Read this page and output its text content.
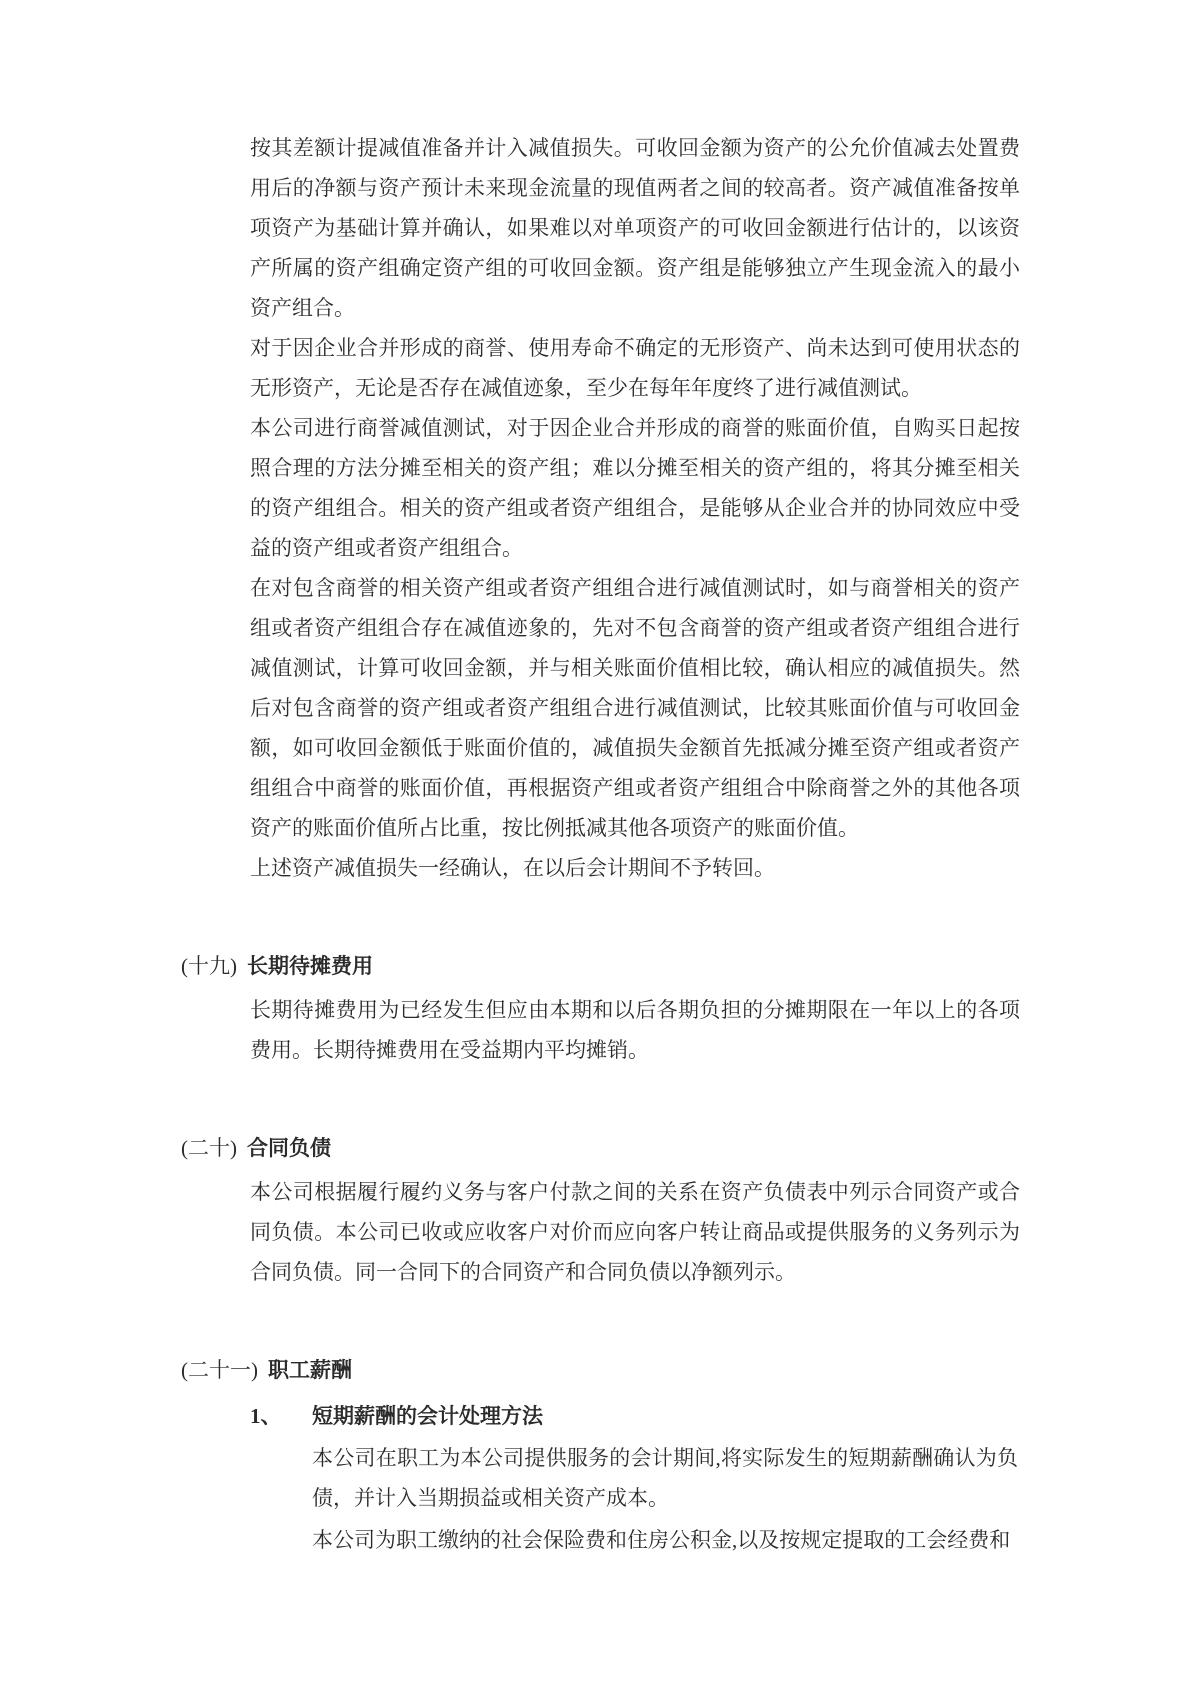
按其差额计提减值准备并计入减值损失。可收回金额为资产的公允价值减去处置费用后的净额与资产预计未来现金流量的现值两者之间的较高者。资产减值准备按单项资产为基础计算并确认，如果难以对单项资产的可收回金额进行估计的，以该资产所属的资产组确定资产组的可收回金额。资产组是能够独立产生现金流入的最小资产组合。

对于因企业合并形成的商誉、使用寿命不确定的无形资产、尚未达到可使用状态的无形资产，无论是否存在减值迹象，至少在每年年度终了进行减值测试。

本公司进行商誉减值测试，对于因企业合并形成的商誉的账面价值，自购买日起按照合理的方法分摊至相关的资产组；难以分摊至相关的资产组的，将其分摊至相关的资产组组合。相关的资产组或者资产组组合，是能够从企业合并的协同效应中受益的资产组或者资产组组合。

在对包含商誉的相关资产组或者资产组组合进行减值测试时，如与商誉相关的资产组或者资产组组合存在减值迹象的，先对不包含商誉的资产组或者资产组组合进行减值测试，计算可收回金额，并与相关账面价值相比较，确认相应的减值损失。然后对包含商誉的资产组或者资产组组合进行减值测试，比较其账面价值与可收回金额，如可收回金额低于账面价值的，减值损失金额首先抵减分摊至资产组或者资产组组合中商誉的账面价值，再根据资产组或者资产组组合中除商誉之外的其他各项资产的账面价值所占比重，按比例抵减其他各项资产的账面价值。

上述资产减值损失一经确认，在以后会计期间不予转回。

(十九) 长期待摊费用

长期待摊费用为已经发生但应由本期和以后各期负担的分摊期限在一年以上的各项费用。长期待摊费用在受益期内平均摊销。

(二十) 合同负债

本公司根据履行履约义务与客户付款之间的关系在资产负债表中列示合同资产或合同负债。本公司已收或应收客户对价而应向客户转让商品或提供服务的义务列示为合同负债。同一合同下的合同资产和合同负债以净额列示。

(二十一) 职工薪酬
1、 短期薪酬的会计处理方法

本公司在职工为本公司提供服务的会计期间,将实际发生的短期薪酬确认为负债，并计入当期损益或相关资产成本。

本公司为职工缴纳的社会保险费和住房公积金,以及按规定提取的工会经费和
